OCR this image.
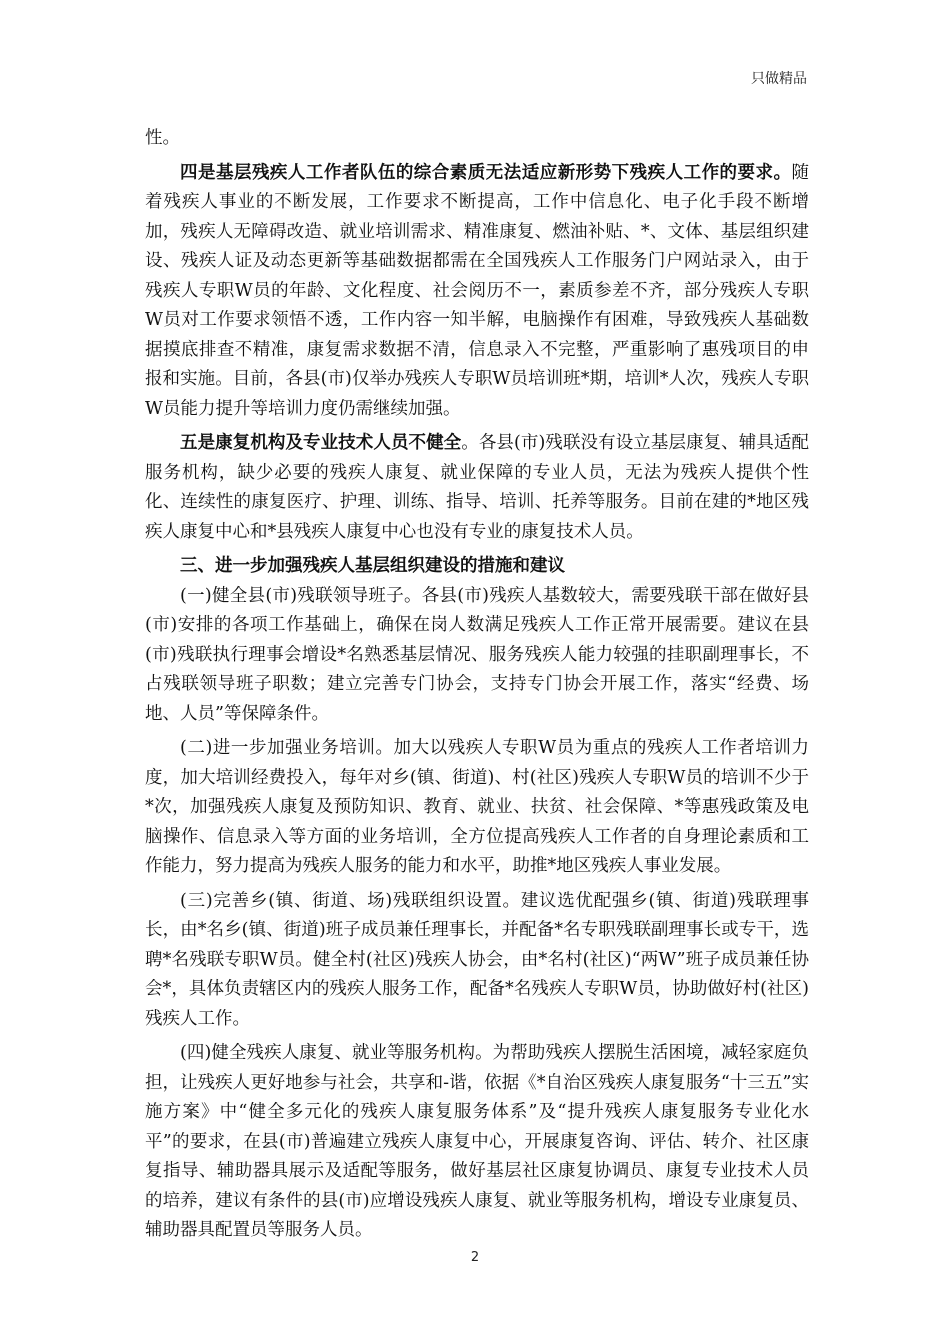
只做精品

性。

四是基层残疾人工作者队伍的综合素质无法适应新形势下残疾人工作的要求。随着残疾人事业的不断发展，工作要求不断提高，工作中信息化、电子化手段不断增加，残疾人无障碍改造、就业培训需求、精准康复、燃油补贴、*、文体、基层组织建设、残疾人证及动态更新等基础数据都需在全国残疾人工作服务门户网站录入，由于残疾人专职W员的年龄、文化程度、社会阅历不一，素质参差不齐，部分残疾人专职W员对工作要求领悟不透，工作内容一知半解，电脑操作有困难，导致残疾人基础数据摸底排查不精准，康复需求数据不清，信息录入不完整，严重影响了惠残项目的申报和实施。目前，各县(市)仅举办残疾人专职W员培训班*期，培训*人次，残疾人专职W员能力提升等培训力度仍需继续加强。

五是康复机构及专业技术人员不健全。各县(市)残联没有设立基层康复、辅具适配服务机构，缺少必要的残疾人康复、就业保障的专业人员，无法为残疾人提供个性化、连续性的康复医疗、护理、训练、指导、培训、托养等服务。目前在建的*地区残疾人康复中心和*县残疾人康复中心也没有专业的康复技术人员。

三、进一步加强残疾人基层组织建设的措施和建议

(一)健全县(市)残联领导班子。各县(市)残疾人基数较大，需要残联干部在做好县(市)安排的各项工作基础上，确保在岗人数满足残疾人工作正常开展需要。建议在县(市)残联执行理事会增设*名熟悉基层情况、服务残疾人能力较强的挂职副理事长，不占残联领导班子职数；建立完善专门协会，支持专门协会开展工作，落实“经费、场地、人员”等保障条件。

(二)进一步加强业务培训。加大以残疾人专职W员为重点的残疾人工作者培训力度，加大培训经费投入，每年对乡(镇、街道)、村(社区)残疾人专职W员的培训不少于*次，加强残疾人康复及预防知识、教育、就业、扶贫、社会保障、*等惠残政策及电脑操作、信息录入等方面的业务培训，全方位提高残疾人工作者的自身理论素质和工作能力，努力提高为残疾人服务的能力和水平，助推*地区残疾人事业发展。

(三)完善乡(镇、街道、场)残联组织设置。建议选优配强乡(镇、街道)残联理事长，由*名乡(镇、街道)班子成员兼任理事长，并配备*名专职残联副理事长或专干，选聘*名残联专职W员。健全村(社区)残疾人协会，由*名村(社区)“两W”班子成员兼任协会*，具体负责辖区内的残疾人服务工作，配备*名残疾人专职W员，协助做好村(社区)残疾人工作。

(四)健全残疾人康复、就业等服务机构。为帮助残疾人摆脱生活困境，减轻家庭负担，让残疾人更好地参与社会，共享和-谐，依据《*自治区残疾人康复服务“十三五”实施方案》中“健全多元化的残疾人康复服务体系”及“提升残疾人康复服务专业化水平”的要求，在县(市)普遍建立残疾人康复中心，开展康复咨询、评估、转介、社区康复指导、辅助器具展示及适配等服务，做好基层社区康复协调员、康复专业技术人员的培养，建议有条件的县(市)应增设残疾人康复、就业等服务机构，增设专业康复员、辅助器具配置员等服务人员。

2
